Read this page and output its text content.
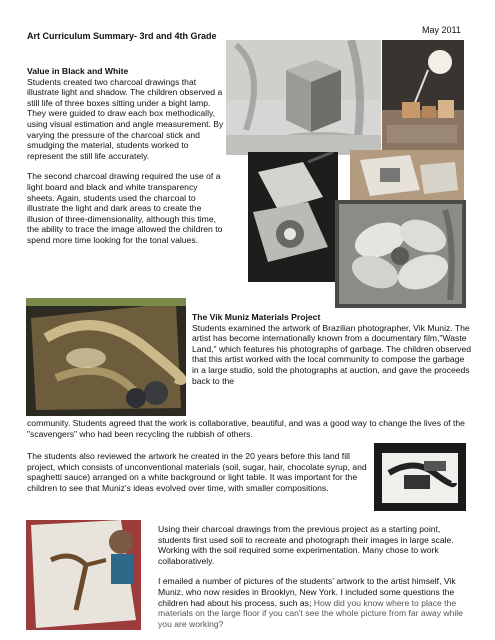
Art Curriculum Summary- 3rd and 4th Grade
May 2011
Value in Black and White
Students created two charcoal drawings that illustrate light and shadow. The children observed a still life of three boxes sitting under a bight lamp. They were guided to draw each box methodically, using visual estimation and angle measurement. By varying the pressure of the charcoal stick and smudging the material, students worked to represent the still life accurately.
The second charcoal drawing required the use of a light board and black and white transparency sheets. Again, students used the charcoal to illustrate the light and dark areas to create the illusion of three-dimensionality, although this time, the ability to trace the image allowed the children to spend more time looking for the tonal values.
The Vik Muniz Materials Project
Students examined the artwork of Brazilian photographer, Vik Muniz. The artist has become internationally known from a documentary film,"Waste Land," which features his photographs of garbage. The children observed that this artist worked with the local community to compose the garbage in a large studio, sold the photographs at auction, and gave the proceeds back to the
community. Students agreed that the work is collaborative, beautiful, and was a good way to change the lives of the "scavengers" who had been recycling the rubbish of others.
The students also reviewed the artwork he created in the 20 years before this land fill project, which consists of unconventional materials (soil, sugar, hair, chocolate syrup, and spaghetti sauce) arranged on a white background or light table. It was important for the children to see that Muniz's ideas evolved over time, with smaller compositions.
Using their charcoal drawings from the previous project as a starting point, students first used soil to recreate and photograph their images in large scale. Working with the soil required some experimentation. Many chose to work collaboratively.
I emailed a number of pictures of the students' artwork to the artist himself, Vik Muniz, who now resides in Brooklyn, New York. I included some questions the children had about his process, such as; How did you know where to place the materials on the large floor if you can't see the whole picture from far away while you are working?
